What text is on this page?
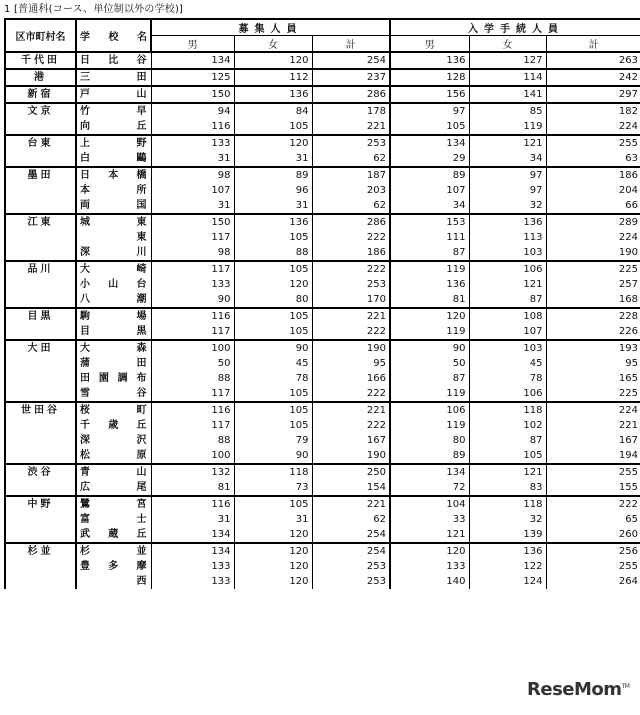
1 [普通科(コース、単位制以外の学校)]
区市町村名	学 校 名	募集人員			入学手続人員		
		男	女	計	男	女	計
千代田	日 比 谷	134	120	254	136	127	263
港	三 田	125	112	237	128	114	242
新宿	戸 山	150	136	286	156	141	297
文京	竹 早	94	84	178	97	85	182

	向 丘	116	105	221	105	119	224
台東	上 野	133	120	253	134	121	255

	白 鷗	31	31	62	29	34	63
墨田	日 本 橋	98	89	187	89	97	186

	本 所	107	96	203	107	97	204

	両 国	31	31	62	34	32	66
江東	城 東	150	136	286	153	136	289

	東	117	105	222	111	113	224

	深 川	98	88	186	87	103	190
品川	大 崎	117	105	222	119	106	225

	小 山 台	133	120	253	136	121	257

	八 潮	90	80	170	81	87	168
目黒	駒 場	116	105	221	120	108	228

	目 黒	117	105	222	119	107	226
大田	大 森	100	90	190	90	103	193

	蒲 田	50	45	95	50	45	95

	田 園 調 布	88	78	166	87	78	165

	雪 谷	117	105	222	119	106	225
世田谷	桜 町	116	105	221	106	118	224

	千 歳 丘	117	105	222	119	102	221

	深 沢	88	79	167	80	87	167

	松 原	100	90	190	89	105	194
渋谷	青 山	132	118	250	134	121	255

	広 尾	81	73	154	72	83	155
中野	鷺 宮	116	105	221	104	118	222

	富 士	31	31	62	33	32	65

	武 蔵 丘	134	120	254	121	139	260
杉並	杉 並	134	120	254	120	136	256

	豊 多 摩	133	120	253	133	122	255

	西	133	120	253	140	124	264
ReseMom™
